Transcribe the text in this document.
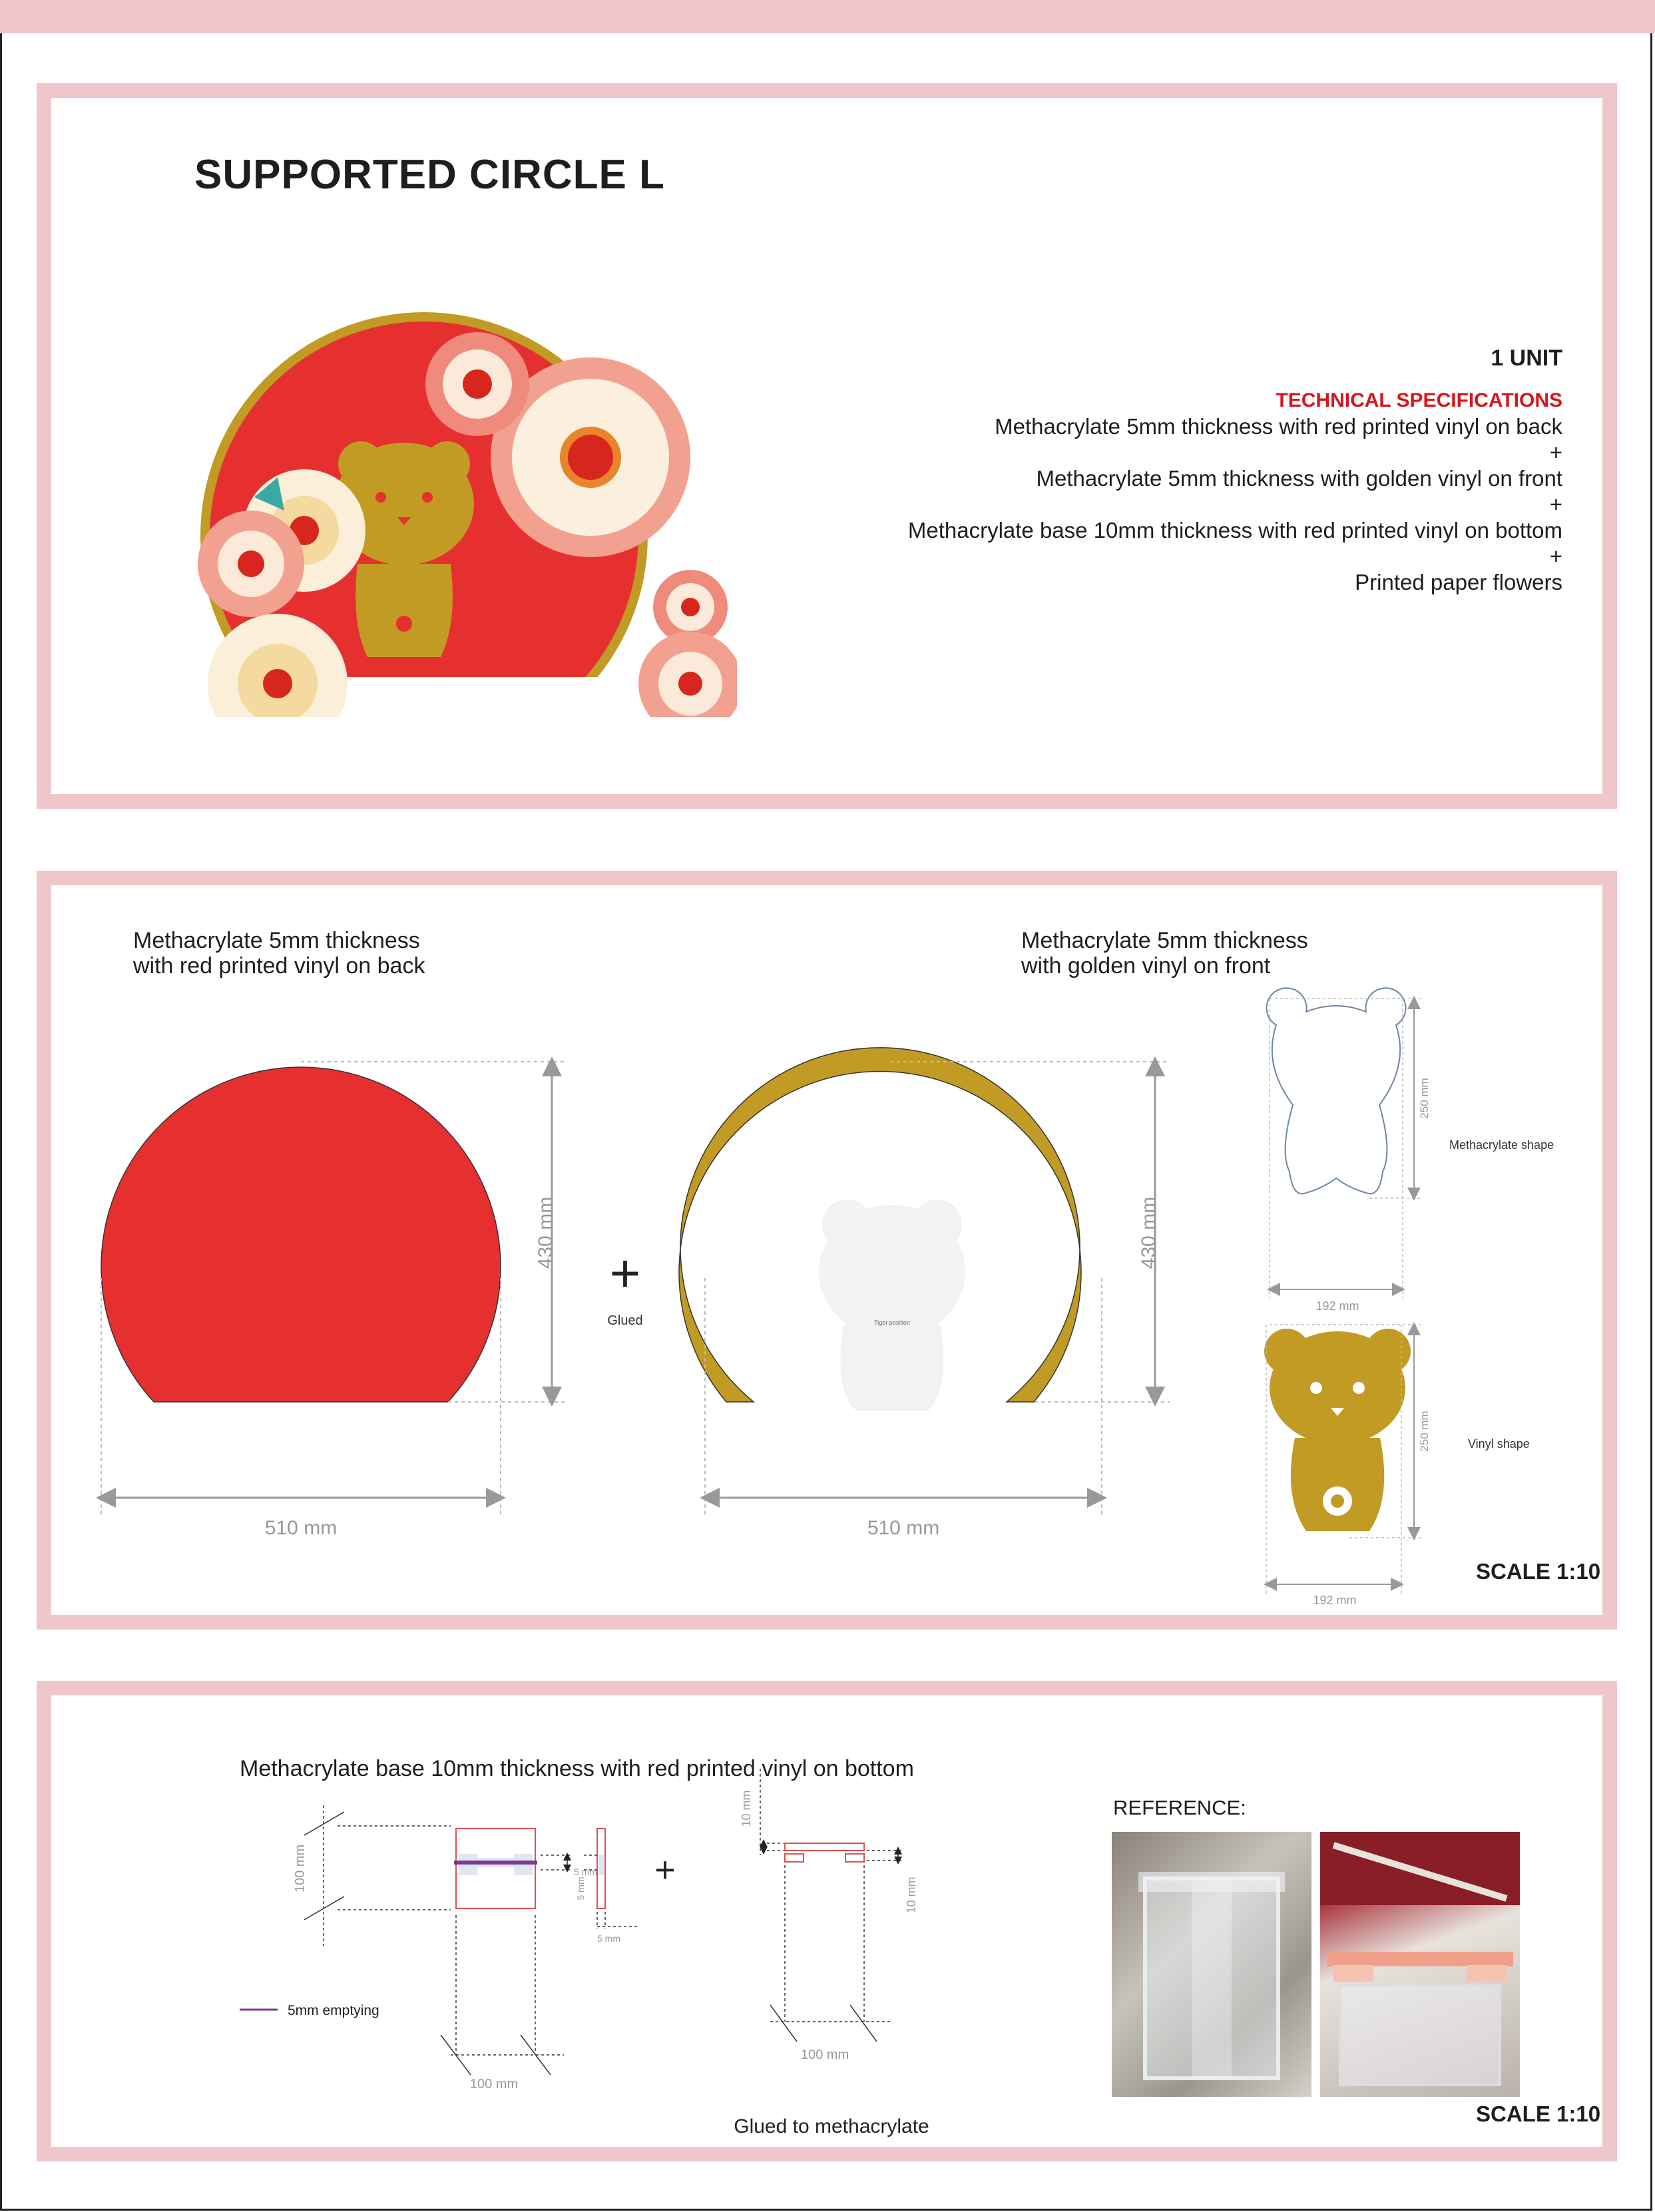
SUPPORTED CIRCLE L
1 UNIT
TECHNICAL SPECIFICATIONS
Methacrylate 5mm thickness with red printed vinyl on back
+
Methacrylate 5mm thickness with golden vinyl on front
+
Methacrylate base 10mm thickness with red printed vinyl on bottom
+
Printed paper flowers
Methacrylate 5mm thickness
with red printed vinyl on back
Methacrylate 5mm thickness
with golden vinyl on front
430 mm
510 mm
+
Glued	Tiger position
430 mm
510 mm
250 mm
192 mm
Methacrylate shape
250 mm
192 mm
Vinyl shape
SCALE 1:10
Methacrylate base 10mm thickness with red printed vinyl on bottom
100 mm
100 mm
5 mm
5 mm
5 mm
+
10 mm
10 mm
100 mm
5mm emptying
Glued to methacrylate
REFERENCE:
SCALE 1:10
